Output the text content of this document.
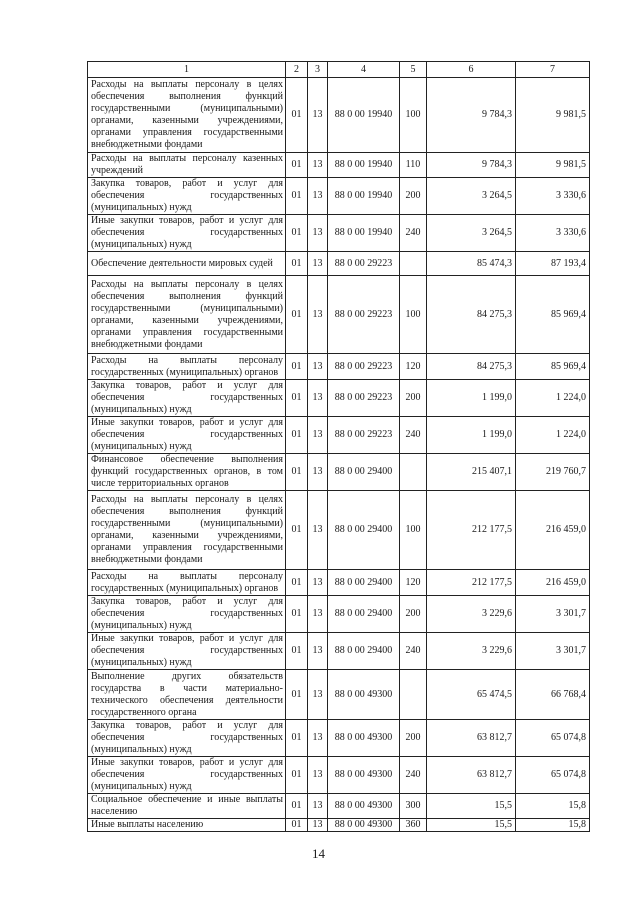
1	2	3	4	5	6	7
Расходы на выплаты персоналу в целях обеспечения выполнения функций государственными (муниципальными) органами, казенными учреждениями, органами управления государственными внебюджетными фондами	01	13	88 0 00 19940	100	9 784,3	9 981,5
Расходы на выплаты персоналу казенных учреждений	01	13	88 0 00 19940	110	9 784,3	9 981,5
Закупка товаров, работ и услуг для обеспечения государственных (муниципальных) нужд	01	13	88 0 00 19940	200	3 264,5	3 330,6
Иные закупки товаров, работ и услуг для обеспечения государственных (муниципальных) нужд	01	13	88 0 00 19940	240	3 264,5	3 330,6
Обеспечение деятельности мировых судей	01	13	88 0 00 29223		85 474,3	87 193,4
Расходы на выплаты персоналу в целях обеспечения выполнения функций государственными (муниципальными) органами, казенными учреждениями, органами управления государственными внебюджетными фондами	01	13	88 0 00 29223	100	84 275,3	85 969,4
Расходы на выплаты персоналу государственных (муниципальных) органов	01	13	88 0 00 29223	120	84 275,3	85 969,4
Закупка товаров, работ и услуг для обеспечения государственных (муниципальных) нужд	01	13	88 0 00 29223	200	1 199,0	1 224,0
Иные закупки товаров, работ и услуг для обеспечения государственных (муниципальных) нужд	01	13	88 0 00 29223	240	1 199,0	1 224,0
Финансовое обеспечение выполнения функций государственных органов, в том числе территориальных органов	01	13	88 0 00 29400		215 407,1	219 760,7
Расходы на выплаты персоналу в целях обеспечения выполнения функций государственными (муниципальными) органами, казенными учреждениями, органами управления государственными внебюджетными фондами	01	13	88 0 00 29400	100	212 177,5	216 459,0
Расходы на выплаты персоналу государственных (муниципальных) органов	01	13	88 0 00 29400	120	212 177,5	216 459,0
Закупка товаров, работ и услуг для обеспечения государственных (муниципальных) нужд	01	13	88 0 00 29400	200	3 229,6	3 301,7
Иные закупки товаров, работ и услуг для обеспечения государственных (муниципальных) нужд	01	13	88 0 00 29400	240	3 229,6	3 301,7
Выполнение других обязательств государства в части материально-технического обеспечения деятельности государственного органа	01	13	88 0 00 49300		65 474,5	66 768,4
Закупка товаров, работ и услуг для обеспечения государственных (муниципальных) нужд	01	13	88 0 00 49300	200	63 812,7	65 074,8
Иные закупки товаров, работ и услуг для обеспечения государственных (муниципальных) нужд	01	13	88 0 00 49300	240	63 812,7	65 074,8
Социальное обеспечение и иные выплаты населению	01	13	88 0 00 49300	300	15,5	15,8
Иные выплаты населению	01	13	88 0 00 49300	360	15,5	15,8
14
